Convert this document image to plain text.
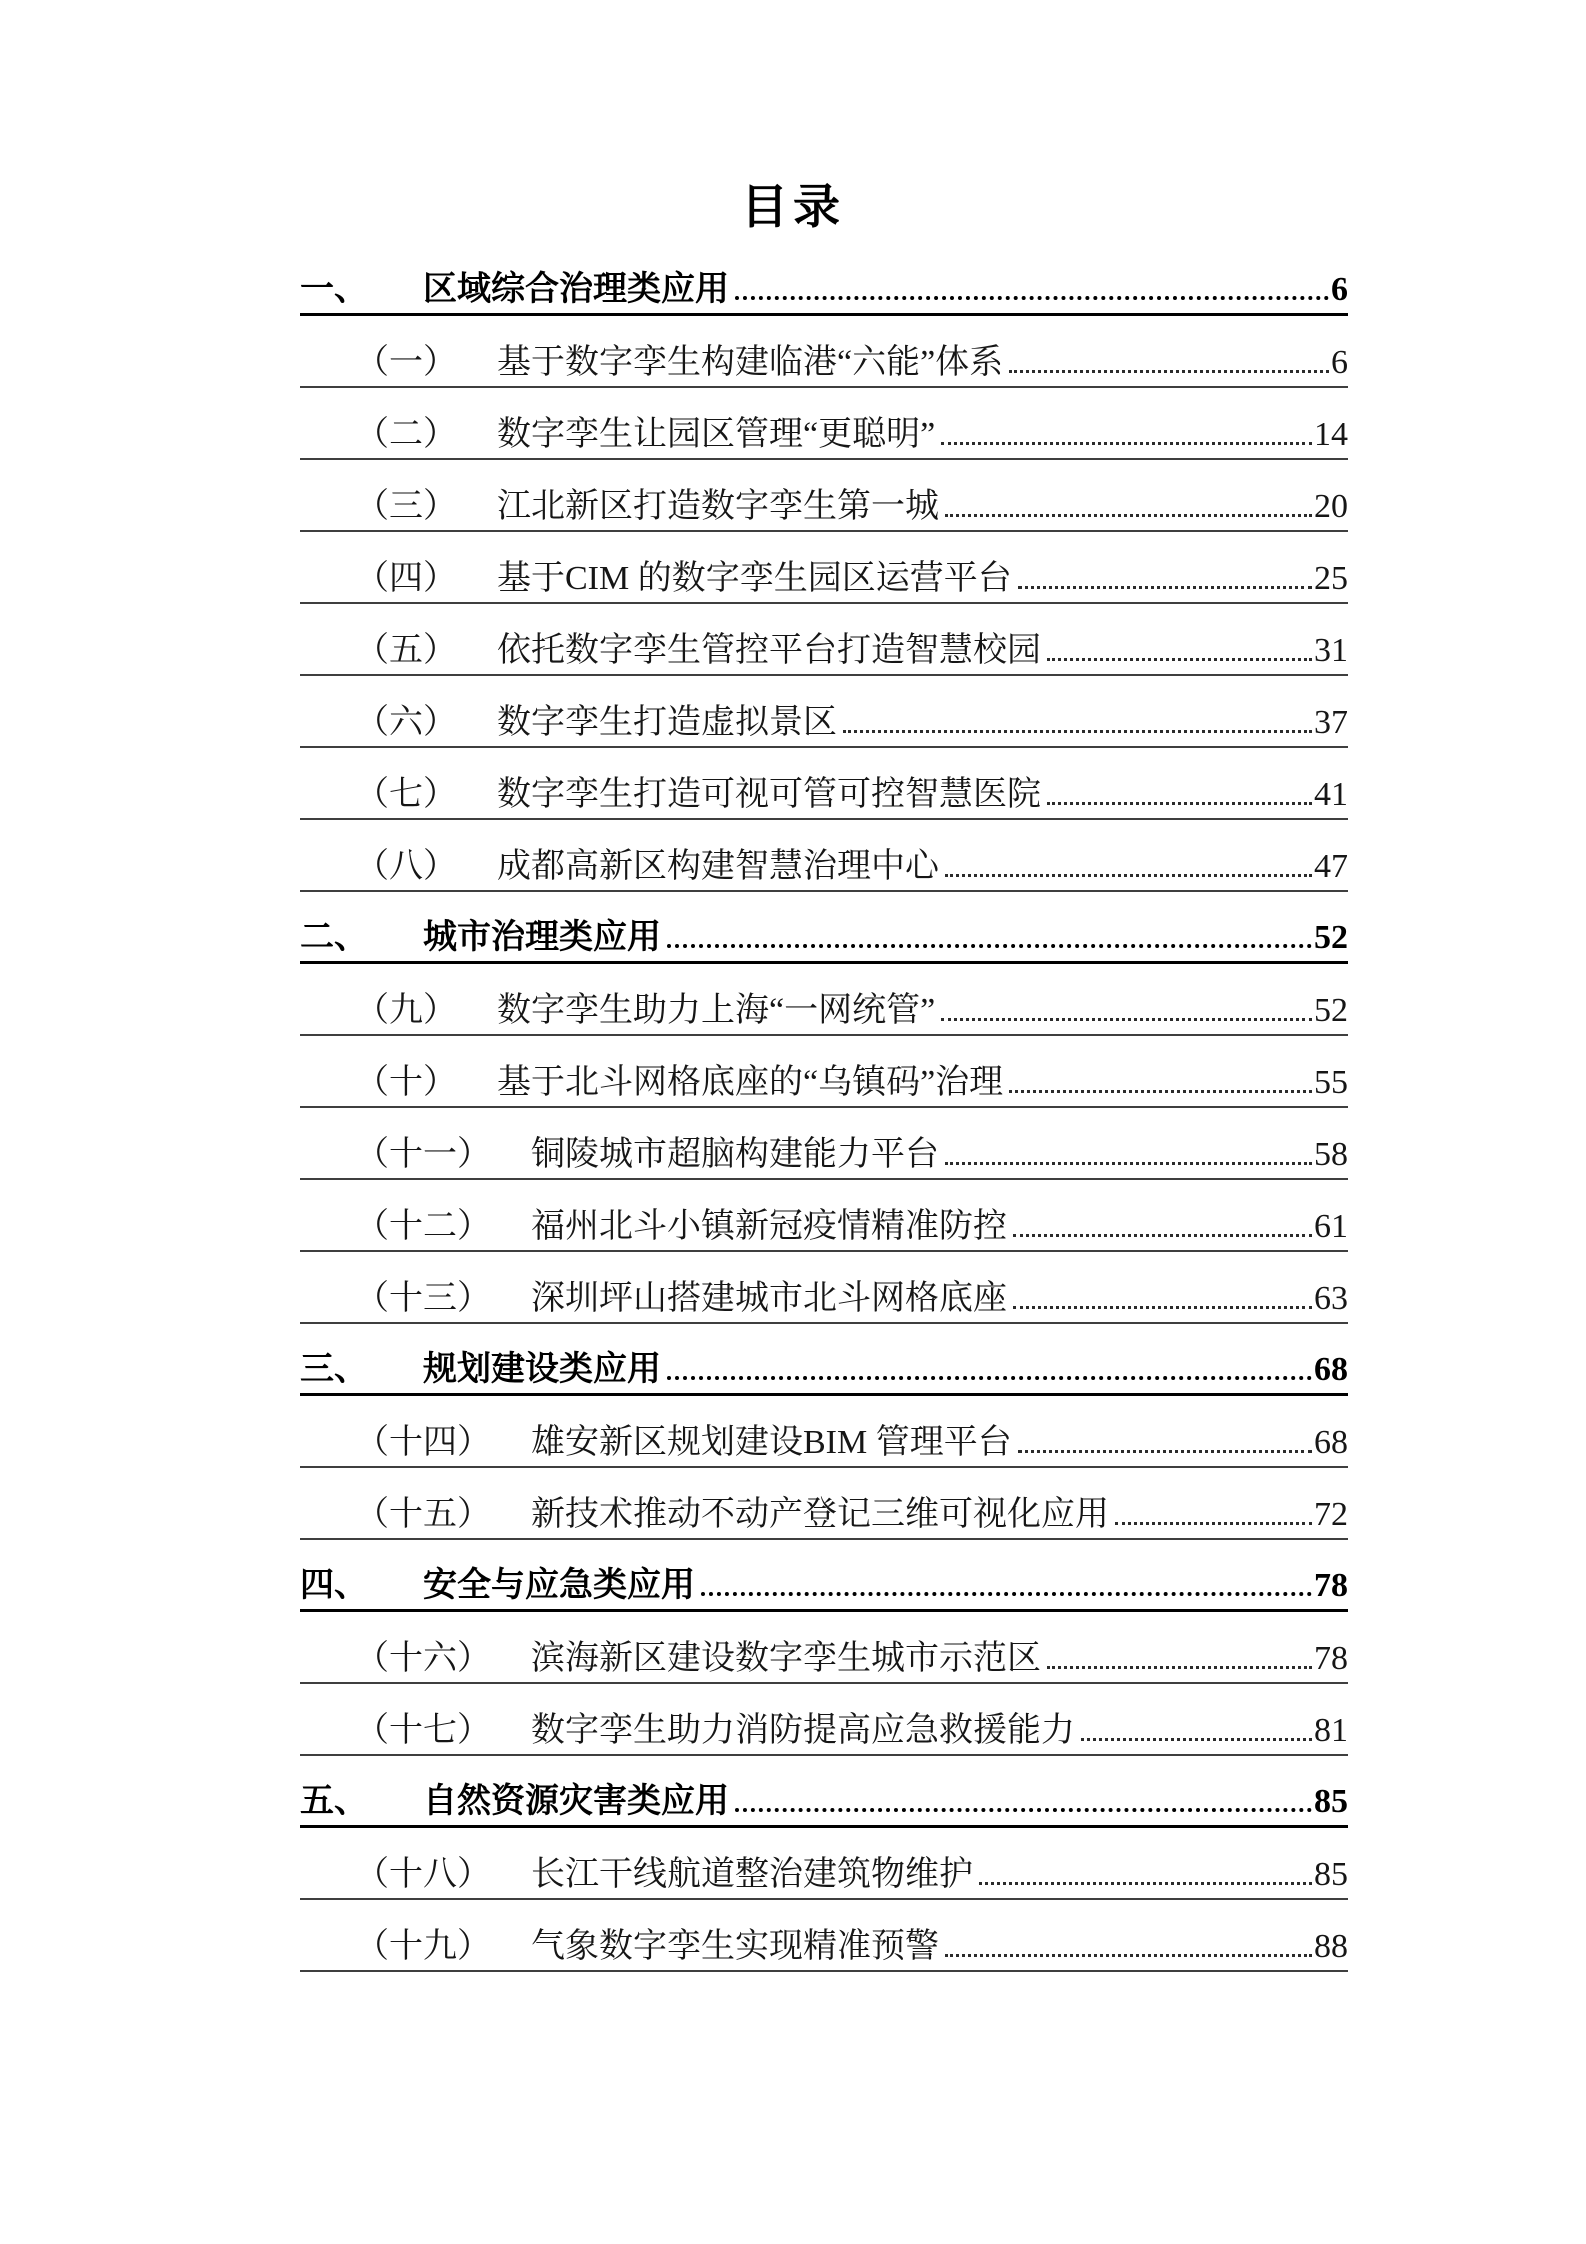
目录
一、 区域综合治理类应用	6
（一） 基于数字孪生构建临港“六能”体系	6
（二） 数字孪生让园区管理“更聪明”	14
（三） 江北新区打造数字孪生第一城	20
（四） 基于CIM 的数字孪生园区运营平台	25
（五） 依托数字孪生管控平台打造智慧校园	31
（六） 数字孪生打造虚拟景区	37
（七） 数字孪生打造可视可管可控智慧医院	41
（八） 成都高新区构建智慧治理中心	47
二、 城市治理类应用	52
（九） 数字孪生助力上海“一网统管”	52
（十） 基于北斗网格底座的“乌镇码”治理	55
（十一） 铜陵城市超脑构建能力平台	58
（十二） 福州北斗小镇新冠疫情精准防控	61
（十三） 深圳坪山搭建城市北斗网格底座	63
三、 规划建设类应用	68
（十四） 雄安新区规划建设BIM 管理平台	68
（十五） 新技术推动不动产登记三维可视化应用	72
四、 安全与应急类应用	78
（十六） 滨海新区建设数字孪生城市示范区	78
（十七） 数字孪生助力消防提高应急救援能力	81
五、 自然资源灾害类应用	85
（十八） 长江干线航道整治建筑物维护	85
（十九） 气象数字孪生实现精准预警	88
